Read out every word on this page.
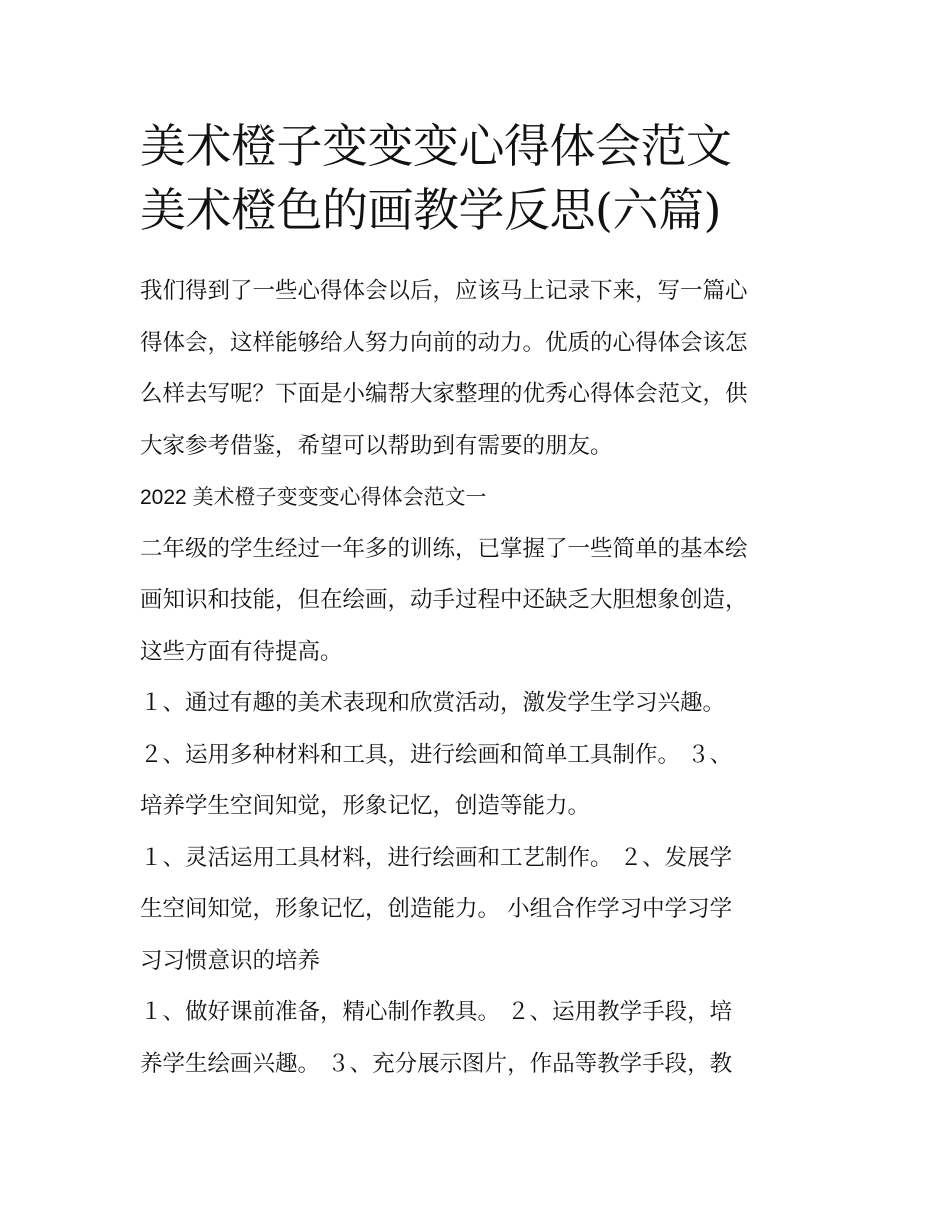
美术橙子变变变心得体会范文
美术橙色的画教学反思(六篇)

我们得到了一些心得体会以后，应该马上记录下来，写一篇心

得体会，这样能够给人努力向前的动力。优质的心得体会该怎

么样去写呢？下面是小编帮大家整理的优秀心得体会范文，供

大家参考借鉴，希望可以帮助到有需要的朋友。

2022 美术橙子变变变心得体会范文一

二年级的学生经过一年多的训练，已掌握了一些简单的基本绘

画知识和技能，但在绘画，动手过程中还缺乏大胆想象创造，

这些方面有待提高。

１、通过有趣的美术表现和欣赏活动，激发学生学习兴趣。

２、运用多种材料和工具，进行绘画和简单工具制作。 ３、

培养学生空间知觉，形象记忆，创造等能力。

１、灵活运用工具材料，进行绘画和工艺制作。 ２、发展学

生空间知觉，形象记忆，创造能力。 小组合作学习中学习学

习习惯意识的培养

１、做好课前准备，精心制作教具。 ２、运用教学手段，培

养学生绘画兴趣。 ３、充分展示图片，作品等教学手段，教
